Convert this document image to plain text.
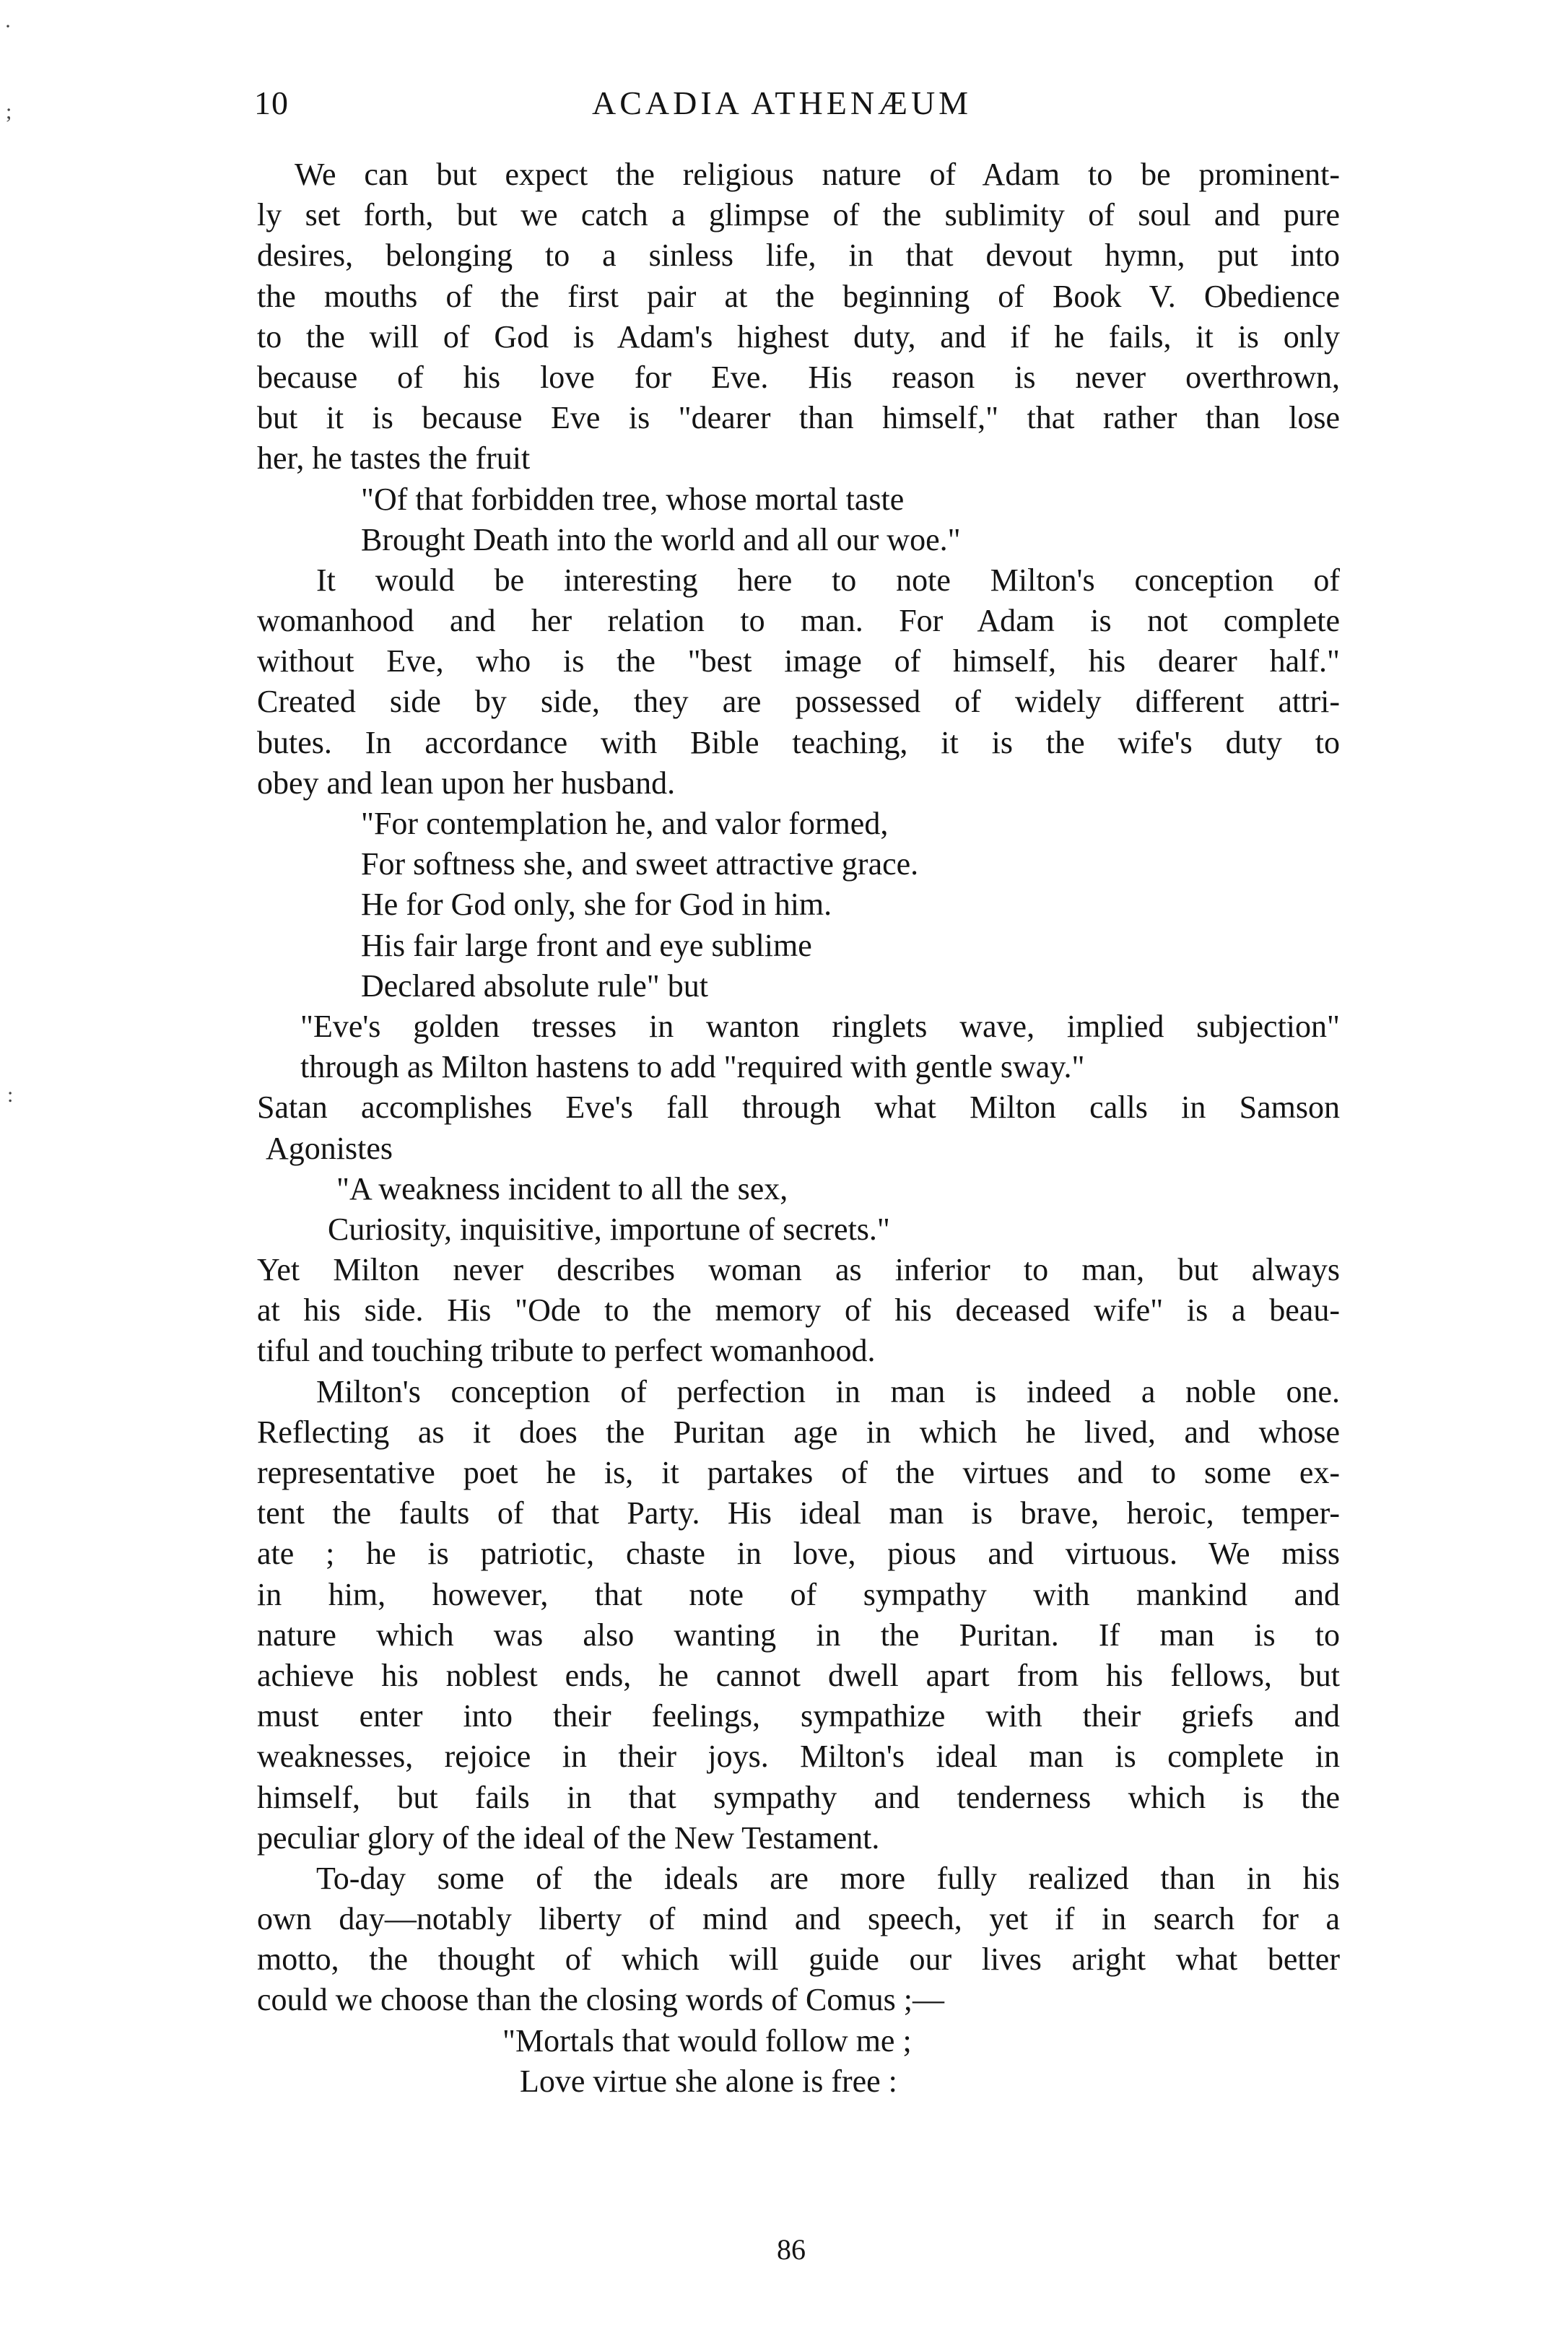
10	ACADIA ATHENÆUM
·
;
:
We can but expect the religious nature of Adam to be prominent-
ly set forth, but we catch a glimpse of the sublimity of soul and pure
desires, belonging to a sinless life, in that devout hymn, put into
the mouths of the first pair at the beginning of Book V. Obedience
to the will of God is Adam's highest duty, and if he fails, it is only
because of his love for Eve. His reason is never overthrown,
but it is because Eve is "dearer than himself," that rather than lose
her, he tastes the fruit
"Of that forbidden tree, whose mortal taste
Brought Death into the world and all our woe."
It would be interesting here to note Milton's conception of
womanhood and her relation to man. For Adam is not complete
without Eve, who is the "best image of himself, his dearer half."
Created side by side, they are possessed of widely different attri-
butes. In accordance with Bible teaching, it is the wife's duty to
obey and lean upon her husband.
"For contemplation he, and valor formed,
For softness she, and sweet attractive grace.
He for God only, she for God in him.
His fair large front and eye sublime
Declared absolute rule" but
"Eve's golden tresses in wanton ringlets wave, implied subjection"
through as Milton hastens to add "required with gentle sway."
Satan accomplishes Eve's fall through what Milton calls in Samson
Agonistes
"A weakness incident to all the sex,
Curiosity, inquisitive, importune of secrets."
Yet Milton never describes woman as inferior to man, but always
at his side. His "Ode to the memory of his deceased wife" is a beau-
tiful and touching tribute to perfect womanhood.
Milton's conception of perfection in man is indeed a noble one.
Reflecting as it does the Puritan age in which he lived, and whose
representative poet he is, it partakes of the virtues and to some ex-
tent the faults of that Party. His ideal man is brave, heroic, temper-
ate ; he is patriotic, chaste in love, pious and virtuous. We miss
in him, however, that note of sympathy with mankind and
nature which was also wanting in the Puritan. If man is to
achieve his noblest ends, he cannot dwell apart from his fellows, but
must enter into their feelings, sympathize with their griefs and
weaknesses, rejoice in their joys. Milton's ideal man is complete in
himself, but fails in that sympathy and tenderness which is the
peculiar glory of the ideal of the New Testament.
To-day some of the ideals are more fully realized than in his
own day—notably liberty of mind and speech, yet if in search for a
motto, the thought of which will guide our lives aright what better
could we choose than the closing words of Comus ;—
"Mortals that would follow me ;
Love virtue she alone is free :
86
